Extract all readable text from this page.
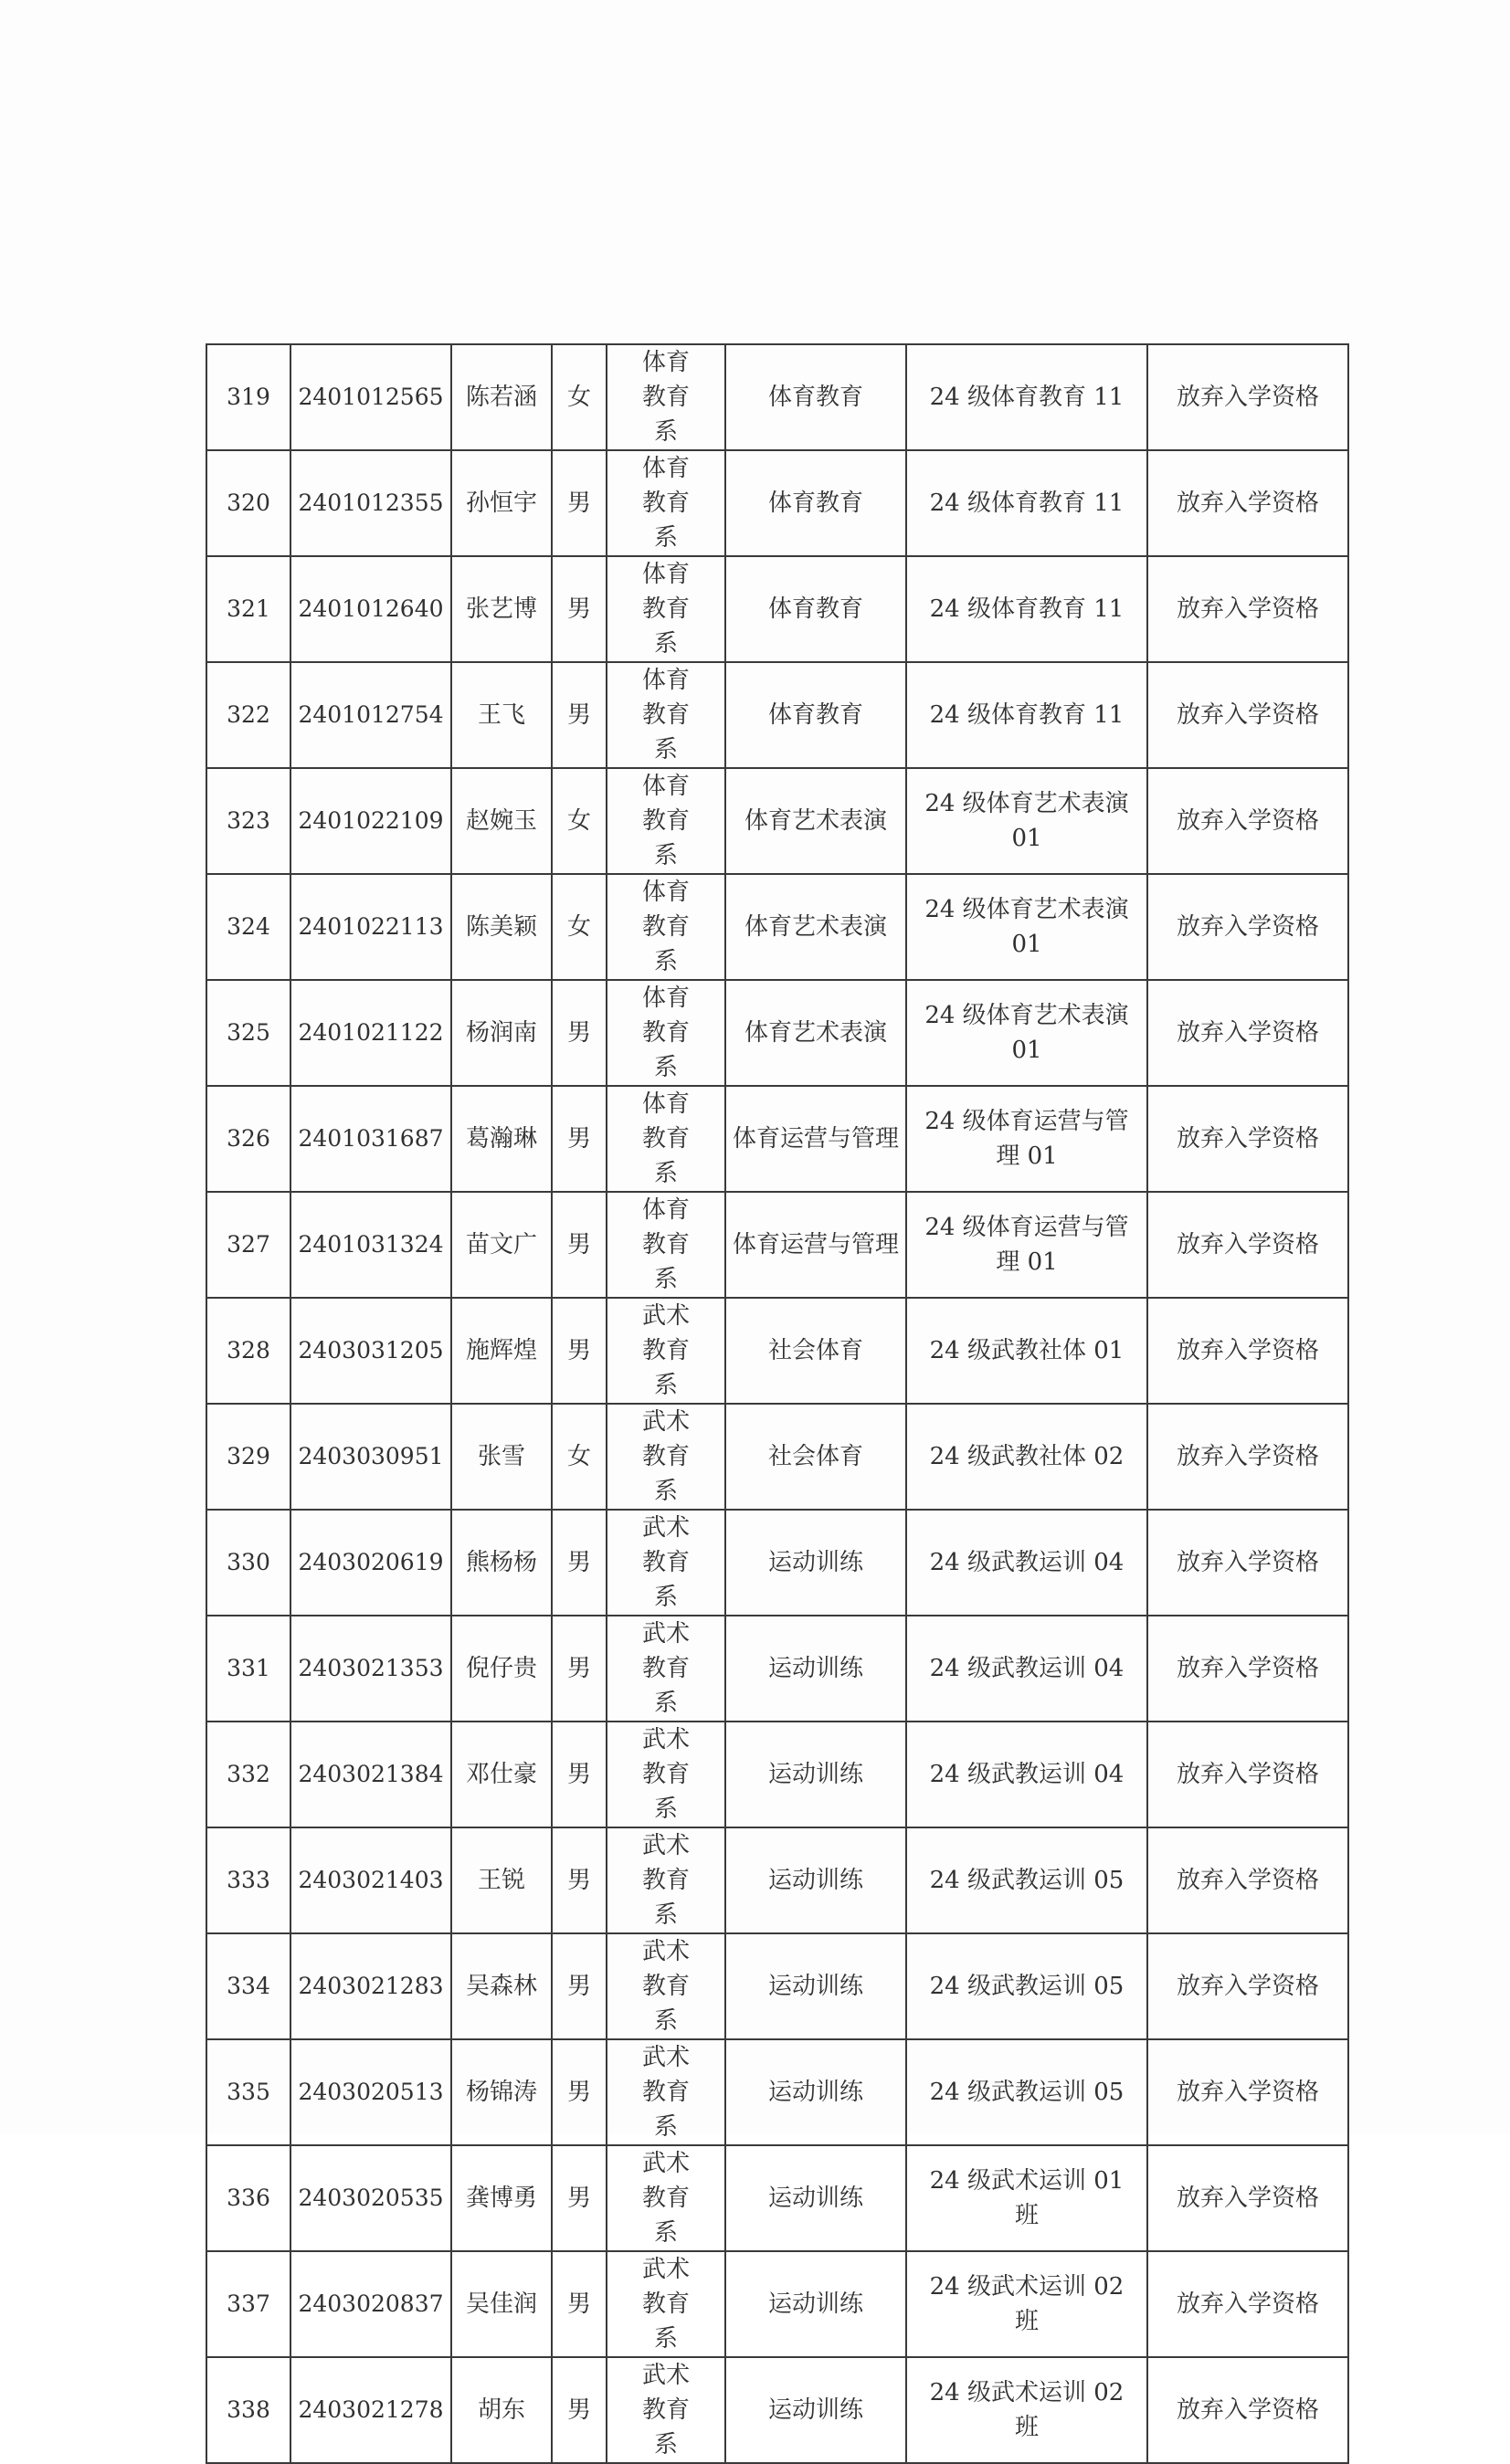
319	2401012565	陈若涵	女	体育教育系	体育教育	24 级体育教育 11	放弃入学资格
320	2401012355	孙恒宇	男	体育教育系	体育教育	24 级体育教育 11	放弃入学资格
321	2401012640	张艺博	男	体育教育系	体育教育	24 级体育教育 11	放弃入学资格
322	2401012754	王飞	男	体育教育系	体育教育	24 级体育教育 11	放弃入学资格
323	2401022109	赵婉玉	女	体育教育系	体育艺术表演	24 级体育艺术表演 01	放弃入学资格
324	2401022113	陈美颖	女	体育教育系	体育艺术表演	24 级体育艺术表演 01	放弃入学资格
325	2401021122	杨润南	男	体育教育系	体育艺术表演	24 级体育艺术表演 01	放弃入学资格
326	2401031687	葛瀚琳	男	体育教育系	体育运营与管理	24 级体育运营与管理 01	放弃入学资格
327	2401031324	苗文广	男	体育教育系	体育运营与管理	24 级体育运营与管理 01	放弃入学资格
328	2403031205	施辉煌	男	武术教育系	社会体育	24 级武教社体 01	放弃入学资格
329	2403030951	张雪	女	武术教育系	社会体育	24 级武教社体 02	放弃入学资格
330	2403020619	熊杨杨	男	武术教育系	运动训练	24 级武教运训 04	放弃入学资格
331	2403021353	倪仔贵	男	武术教育系	运动训练	24 级武教运训 04	放弃入学资格
332	2403021384	邓仕豪	男	武术教育系	运动训练	24 级武教运训 04	放弃入学资格
333	2403021403	王锐	男	武术教育系	运动训练	24 级武教运训 05	放弃入学资格
334	2403021283	吴森林	男	武术教育系	运动训练	24 级武教运训 05	放弃入学资格
335	2403020513	杨锦涛	男	武术教育系	运动训练	24 级武教运训 05	放弃入学资格
336	2403020535	龚博勇	男	武术教育系	运动训练	24 级武术运训 01 班	放弃入学资格
337	2403020837	吴佳润	男	武术教育系	运动训练	24 级武术运训 02 班	放弃入学资格
338	2403021278	胡东	男	武术教育系	运动训练	24 级武术运训 02 班	放弃入学资格
